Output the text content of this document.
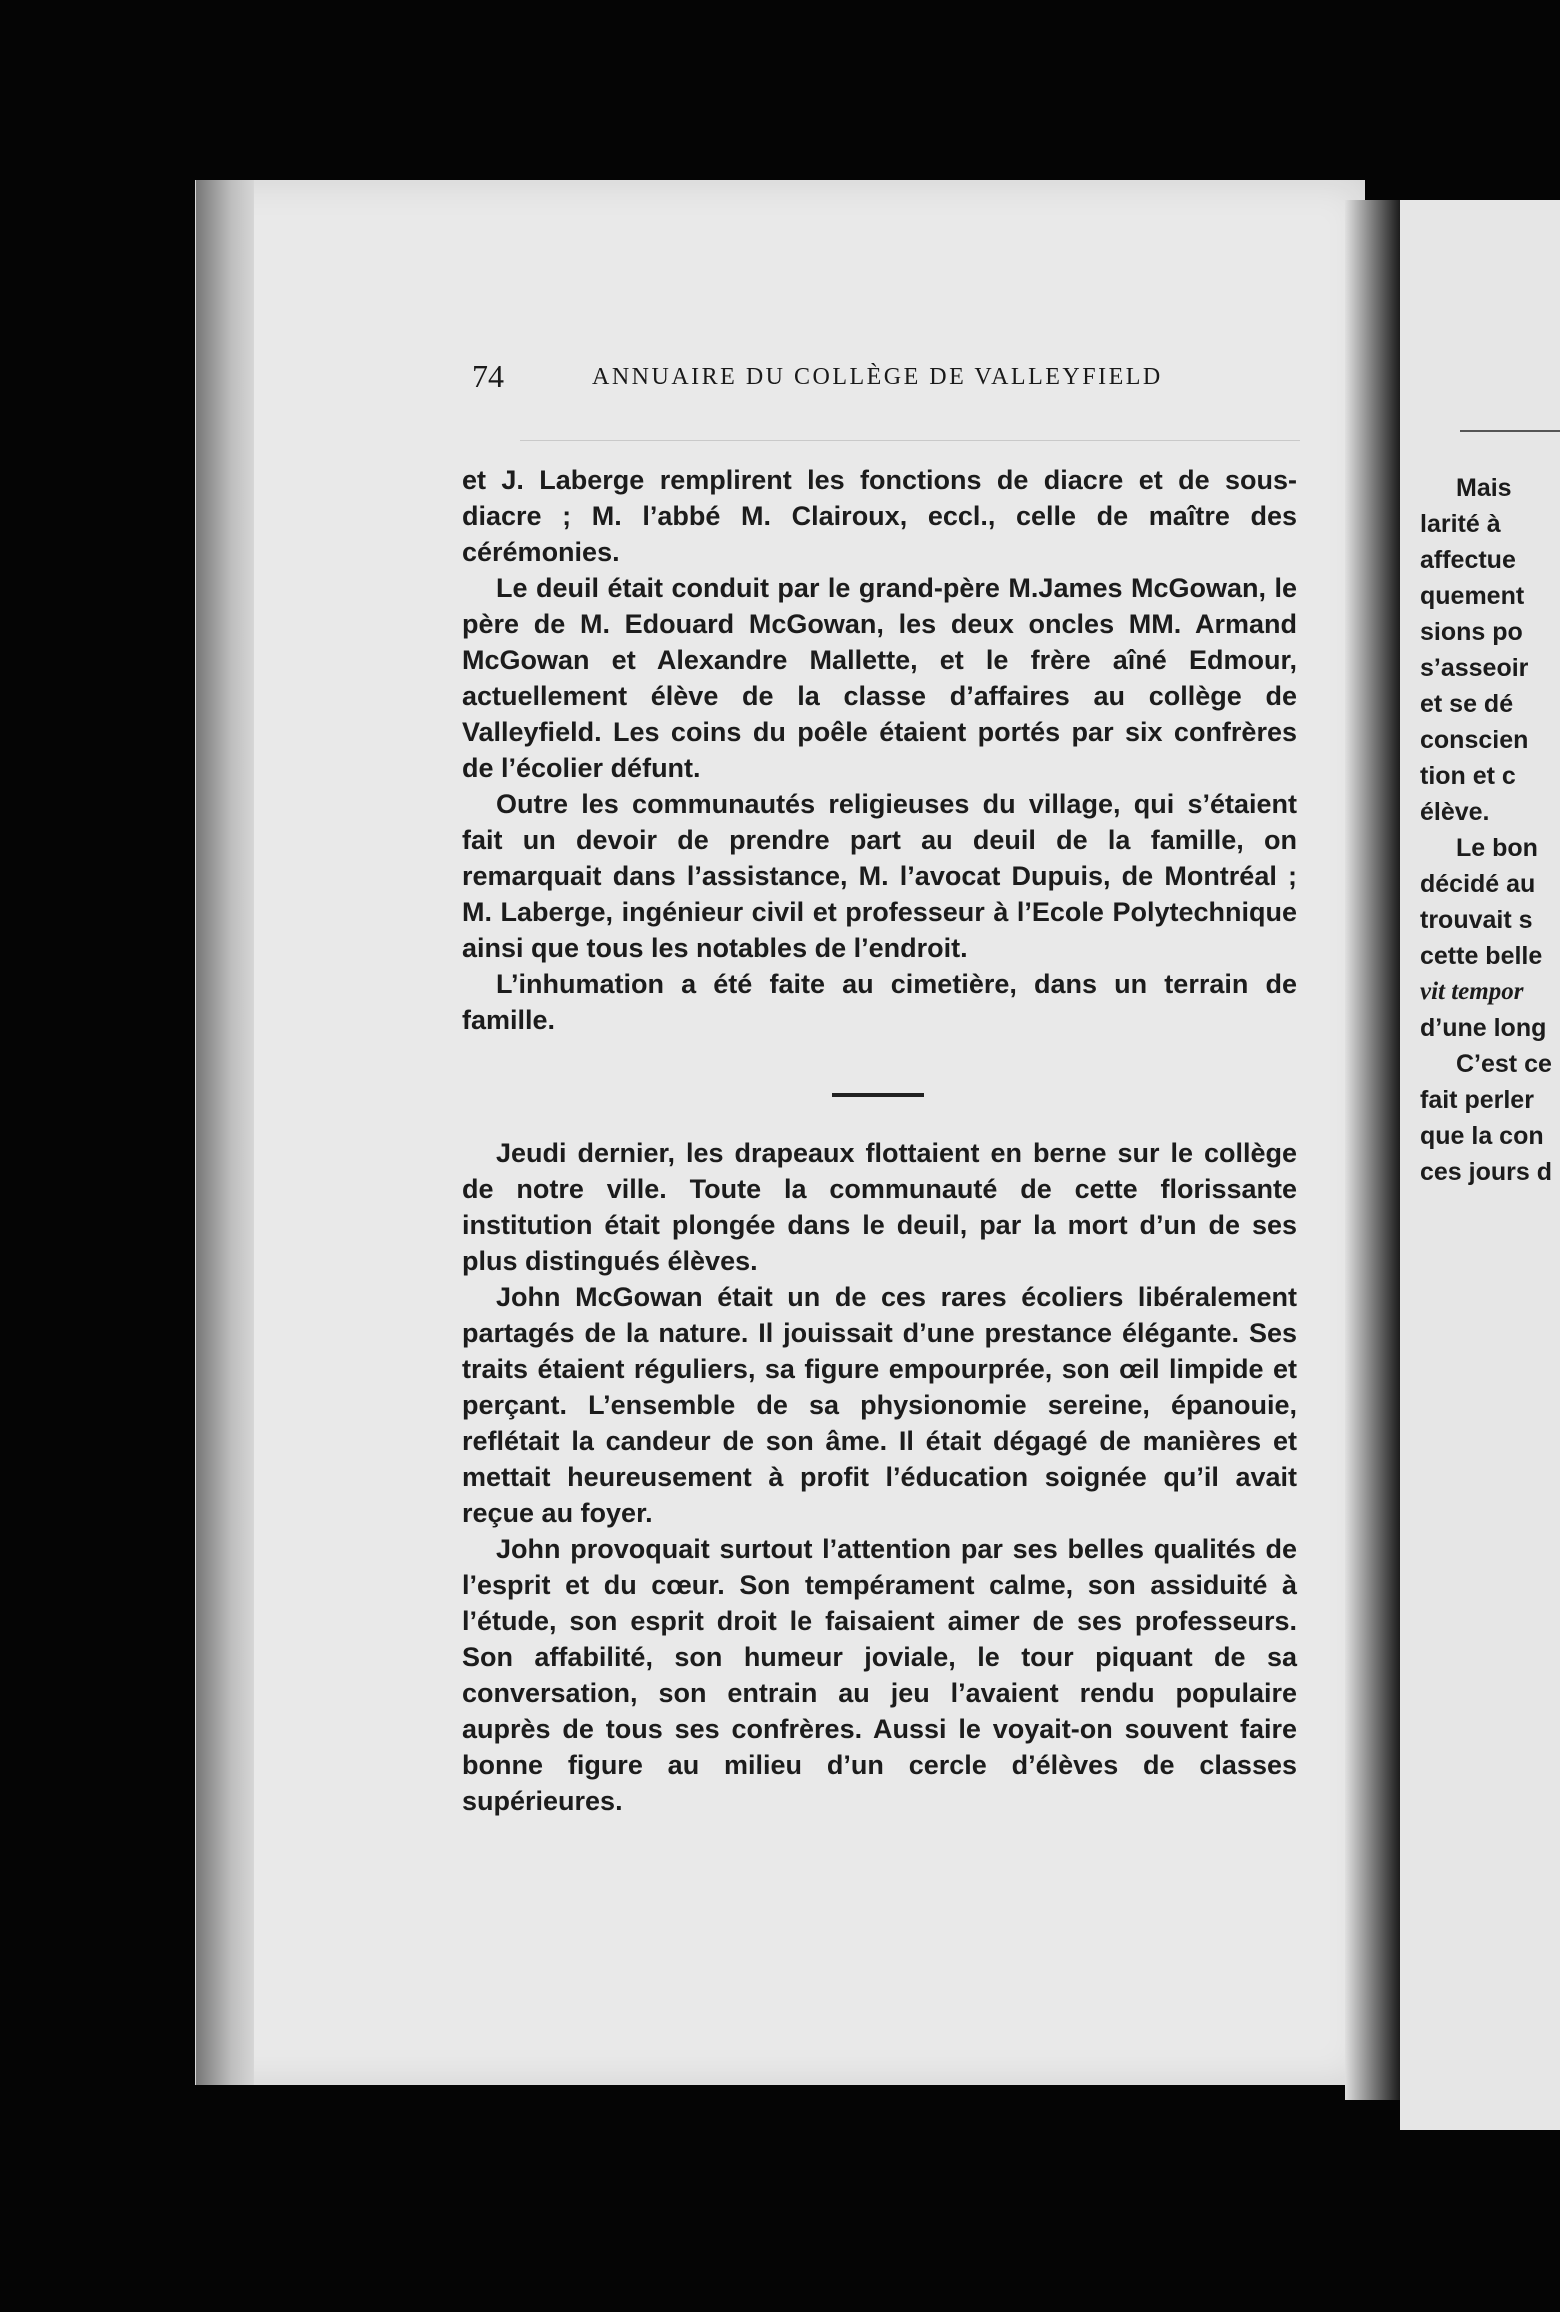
74	ANNUAIRE DU COLLÈGE DE VALLEYFIELD

et J. Laberge remplirent les fonctions de diacre et de sous-diacre ; M. l’abbé M. Clairoux, eccl., celle de maître des cérémonies.

Le deuil était conduit par le grand-père M.James McGowan, le père de M. Edouard McGowan, les deux oncles MM. Armand McGowan et Alexandre Mallette, et le frère aîné Edmour, actuellement élève de la classe d’affaires au collège de Valleyfield. Les coins du poêle étaient portés par six confrères de l’écolier défunt.

Outre les communautés religieuses du village, qui s’étaient fait un devoir de prendre part au deuil de la famille, on remarquait dans l’assistance, M. l’avocat Dupuis, de Montréal ; M. Laberge, ingénieur civil et professeur à l’Ecole Polytechnique ainsi que tous les notables de l’endroit.

L’inhumation a été faite au cimetière, dans un terrain de famille.

Jeudi dernier, les drapeaux flottaient en berne sur le collège de notre ville. Toute la communauté de cette florissante institution était plongée dans le deuil, par la mort d’un de ses plus distingués élèves.

John McGowan était un de ces rares écoliers libéralement partagés de la nature. Il jouissait d’une prestance élégante. Ses traits étaient réguliers, sa figure empourprée, son œil limpide et perçant. L’ensemble de sa physionomie sereine, épanouie, reflétait la candeur de son âme. Il était dégagé de manières et mettait heureusement à profit l’éducation soignée qu’il avait reçue au foyer.

John provoquait surtout l’attention par ses belles qualités de l’esprit et du cœur. Son tempérament calme, son assiduité à l’étude, son esprit droit le faisaient aimer de ses professeurs. Son affabilité, son humeur joviale, le tour piquant de sa conversation, son entrain au jeu l’avaient rendu populaire auprès de tous ses confrères. Aussi le voyait-on souvent faire bonne figure au milieu d’un cercle d’élèves de classes supérieures.

Mais
larité à
affectue
quement
sions po
s’asseoir
et se dé
conscien
tion et c
élève.
Le bon
décidé au
trouvait s
cette belle
vit tempor
d’une long
C’est ce
fait perler
que la con
ces jours d
